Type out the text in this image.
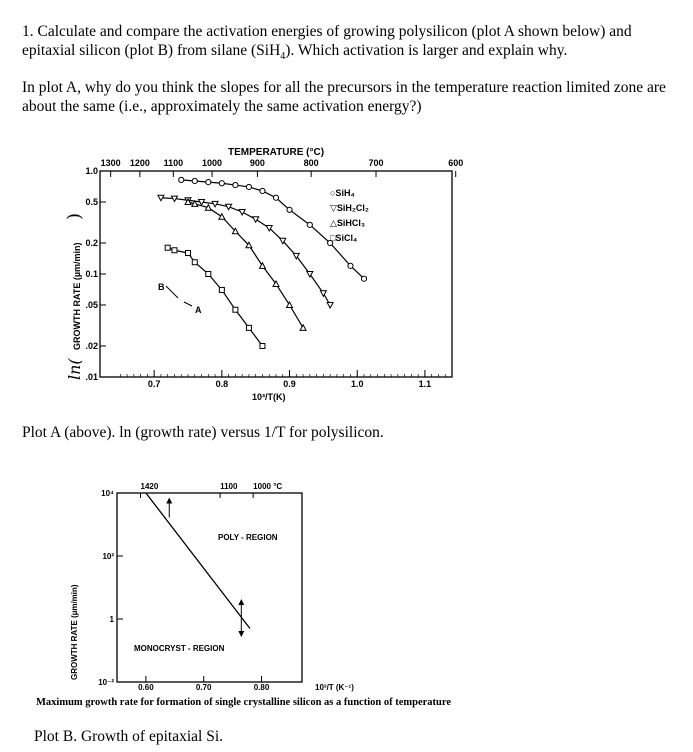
1. Calculate and compare the activation energies of growing polysilicon (plot A shown below) and epitaxial silicon (plot B) from silane (SiH$_4$). Which activation is larger and explain why.
In plot A, why do you think the slopes for all the precursors in the temperature reaction limited zone are about the same (i.e., approximately the same activation energy?)
TEMPERATURE (°C)
1300 1200 1100 1000	900	800	700	600
1.0
0.5
0.2
0.1
.05
.02
.01
0.7	0.8	0.9	1.0	1.1
10³/T(K)
ln(
GROWTH RATE (µm/min)
)
B
A
○SiH₄
▽SiH₂Cl₂
△SiHCl₃
□SiCl₄
1420	1100 1000 °C
10⁴
10²
1
10⁻²
0.60	0.70	0.80
POLY - REGION
MONOCRYST - REGION
10³/T (K⁻¹)
GROWTH RATE (µm/min)
Plot A (above). ln (growth rate) versus 1/T for polysilicon.
Maximum growth rate for formation of single crystalline silicon as a function of temperature
Plot B. Growth of epitaxial Si.
